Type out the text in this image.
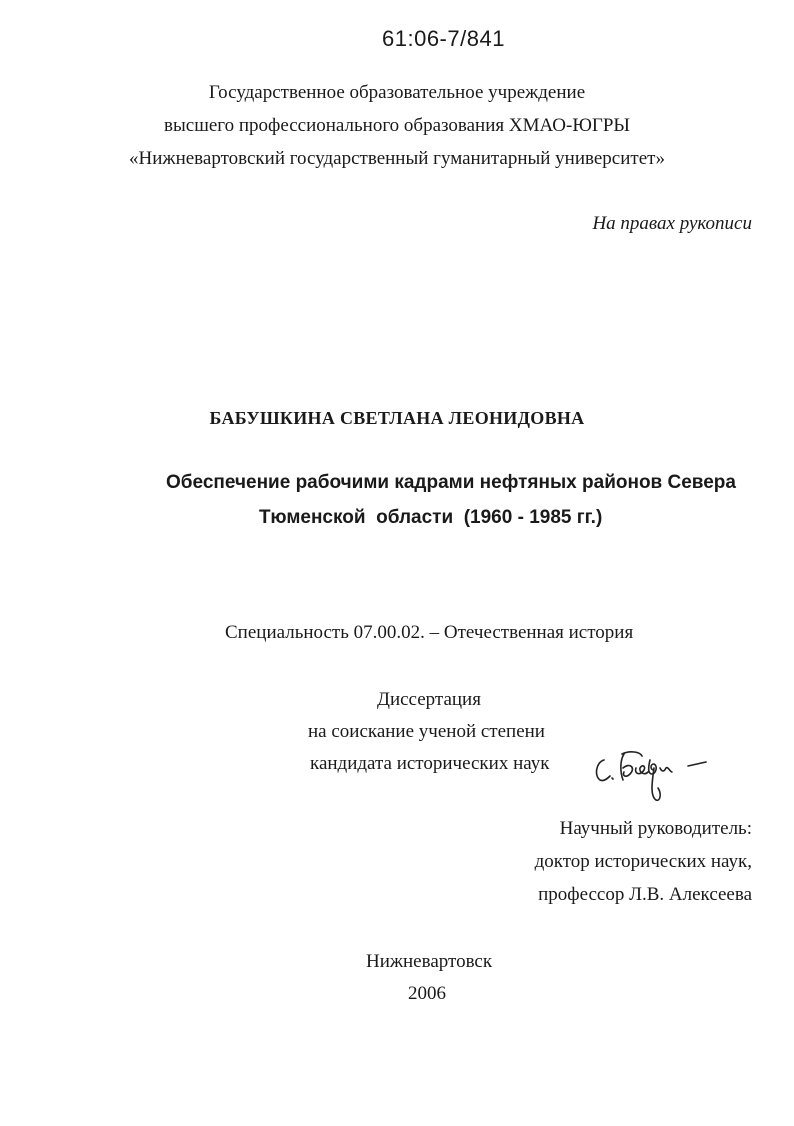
61:06-7/841
Государственное образовательное учреждение
высшего профессионального образования ХМАО-ЮГРЫ
«Нижневартовский государственный гуманитарный университет»
На правах рукописи
БАБУШКИНА СВЕТЛАНА ЛЕОНИДОВНА
Обеспечение рабочими кадрами нефтяных районов Севера
Тюменской  области  (1960 - 1985 гг.)
Специальность 07.00.02. – Отечественная история
Диссертация
на соискание ученой степени
кандидата исторических наук
Научный руководитель:
доктор исторических наук,
профессор Л.В. Алексеева
Нижневартовск
2006
